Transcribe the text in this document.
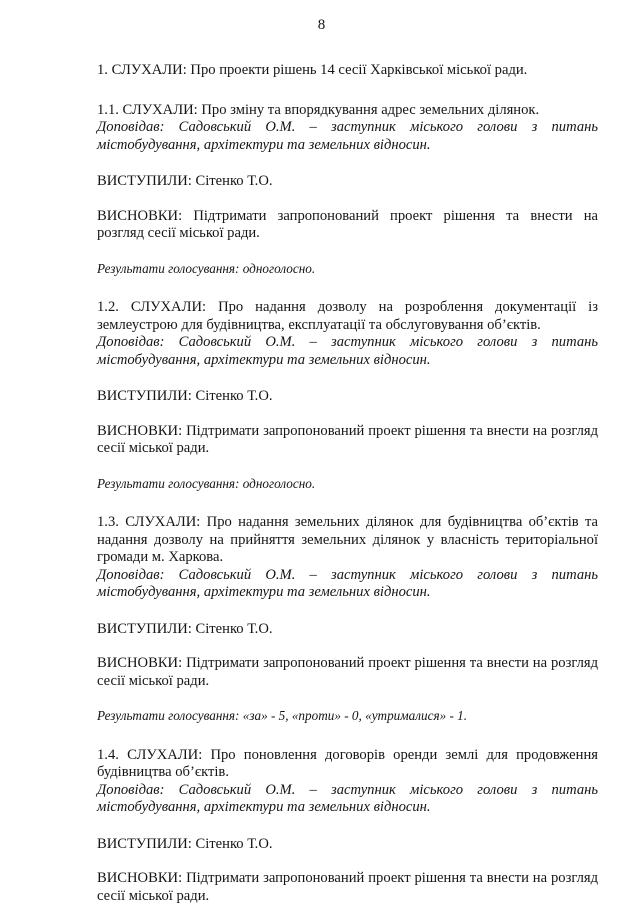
8

1. СЛУХАЛИ: Про проекти рішень 14 сесії Харківської міської ради.

1.1. СЛУХАЛИ: Про зміну та впорядкування адрес земельних ділянок.

Доповідав: Садовський О.М. – заступник міського голови з питань

містобудування, архітектури та земельних відносин.

ВИСТУПИЛИ: Сітенко Т.О.

ВИСНОВКИ: Підтримати запропонований проект рішення та внести на

розгляд сесії міської ради.

Результати голосування: одноголосно.

1.2. СЛУХАЛИ: Про надання дозволу на розроблення документації із

землеустрою для будівництва, експлуатації та обслуговування об’єктів.

Доповідав: Садовський О.М. – заступник міського голови з питань

містобудування, архітектури та земельних відносин.

ВИСТУПИЛИ: Сітенко Т.О.

ВИСНОВКИ: Підтримати запропонований проект рішення та внести на розгляд

сесії міської ради.

Результати голосування: одноголосно.

1.3. СЛУХАЛИ: Про надання земельних ділянок для будівництва об’єктів та

надання дозволу на прийняття земельних ділянок у власність територіальної

громади м. Харкова.

Доповідав: Садовський О.М. – заступник міського голови з питань

містобудування, архітектури та земельних відносин.

ВИСТУПИЛИ: Сітенко Т.О.

ВИСНОВКИ: Підтримати запропонований проект рішення та внести на розгляд

сесії міської ради.

Результати голосування: «за» - 5, «проти» - 0, «утрималися» - 1.

1.4. СЛУХАЛИ: Про поновлення договорів оренди землі для продовження

будівництва об’єктів.

Доповідав: Садовський О.М. – заступник міського голови з питань

містобудування, архітектури та земельних відносин.

ВИСТУПИЛИ: Сітенко Т.О.

ВИСНОВКИ: Підтримати запропонований проект рішення та внести на розгляд

сесії міської ради.
